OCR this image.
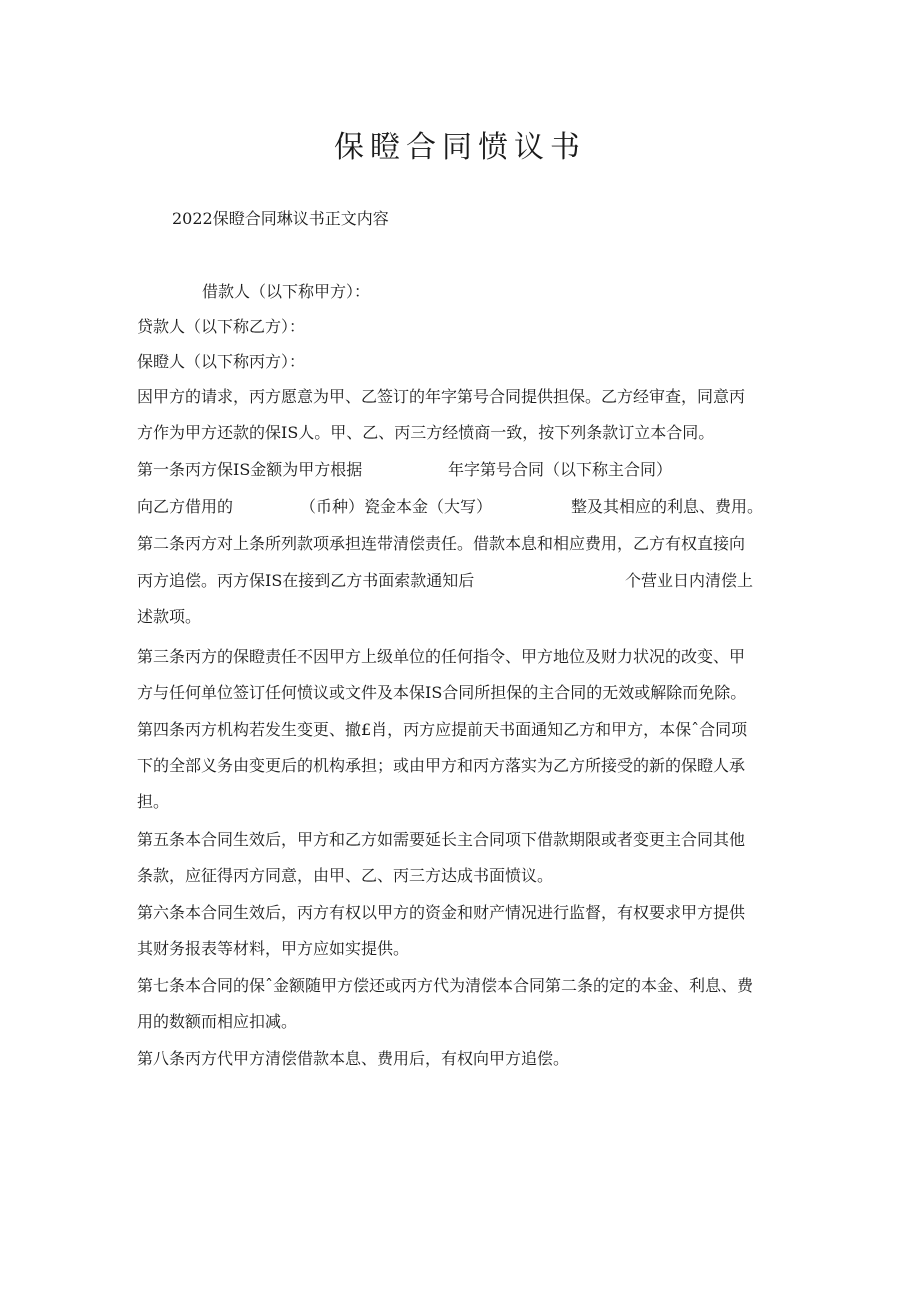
保瞪合同愤议书
2022保瞪合同琳议书正文内容
借款人（以下称甲方）：
贷款人（以下称乙方）：
保瞪人（以下称丙方）：
因甲方的请求，丙方愿意为甲、乙签订的年字第号合同提供担保。乙方经审查，同意丙
方作为甲方还款的保IS人。甲、乙、丙三方经愤商一致，按下列条款订立本合同。
第一条丙方保IS金额为甲方根据	年字第号合同（以下称主合同）
向乙方借用的	（币种）瓷金本金（大写）	整及其相应的利息、费用。
第二条丙方对上条所列款项承担连带清偿责任。借款本息和相应费用，乙方有权直接向
丙方追偿。丙方保IS在接到乙方书面索款通知后	个营业日内清偿上
述款项。
第三条丙方的保瞪责任不因甲方上级单位的任何指令、甲方地位及财力状况的改变、甲
方与任何单位签订任何愤议或文件及本保IS合同所担保的主合同的无效或解除而免除。
第四条丙方机构若发生变更、撤£肖，丙方应提前天书面通知乙方和甲方，本保ˆ合同项
下的全部义务由变更后的机构承担；或由甲方和丙方落实为乙方所接受的新的保瞪人承
担。
第五条本合同生效后，甲方和乙方如需要延长主合同项下借款期限或者变更主合同其他
条款，应征得丙方同意，由甲、乙、丙三方达成书面愤议。
第六条本合同生效后，丙方有权以甲方的资金和财产情况进行监督，有权要求甲方提供
其财务报表等材料，甲方应如实提供。
第七条本合同的保ˆ金额随甲方偿还或丙方代为清偿本合同第二条的定的本金、利息、费
用的数额而相应扣减。
第八条丙方代甲方清偿借款本息、费用后，有权向甲方追偿。
